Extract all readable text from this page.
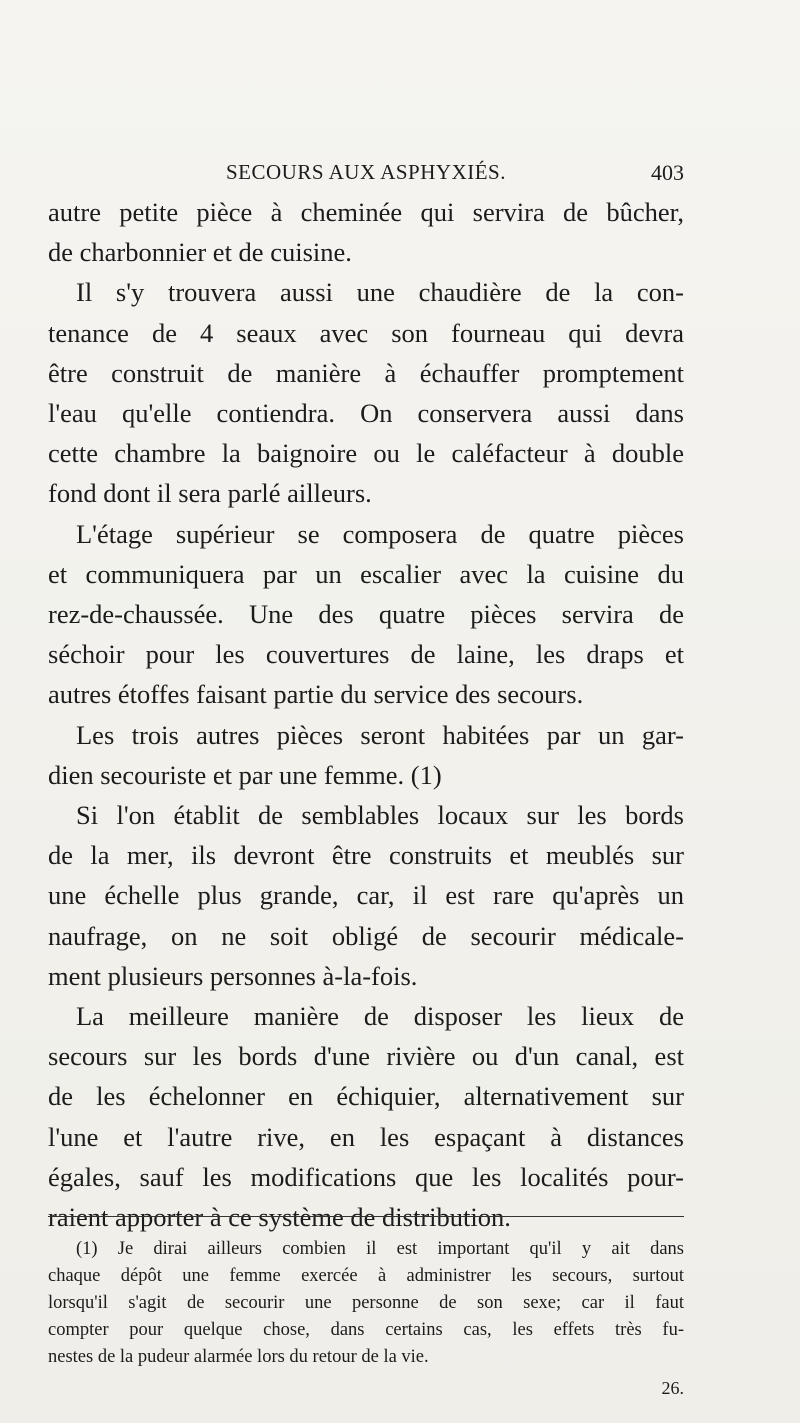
SECOURS AUX ASPHYXIÉS.	403
autre petite pièce à cheminée qui servira de bûcher,
de charbonnier et de cuisine.
Il s'y trouvera aussi une chaudière de la con-
tenance de 4 seaux avec son fourneau qui devra
être construit de manière à échauffer promptement
l'eau qu'elle contiendra. On conservera aussi dans
cette chambre la baignoire ou le caléfacteur à double
fond dont il sera parlé ailleurs.
L'étage supérieur se composera de quatre pièces
et communiquera par un escalier avec la cuisine du
rez-de-chaussée. Une des quatre pièces servira de
séchoir pour les couvertures de laine, les draps et
autres étoffes faisant partie du service des secours.
Les trois autres pièces seront habitées par un gar-
dien secouriste et par une femme. (1)
Si l'on établit de semblables locaux sur les bords
de la mer, ils devront être construits et meublés sur
une échelle plus grande, car, il est rare qu'après un
naufrage, on ne soit obligé de secourir médicale-
ment plusieurs personnes à-la-fois.
La meilleure manière de disposer les lieux de
secours sur les bords d'une rivière ou d'un canal, est
de les échelonner en échiquier, alternativement sur
l'une et l'autre rive, en les espaçant à distances
égales, sauf les modifications que les localités pour-
raient apporter à ce système de distribution.
(1) Je dirai ailleurs combien il est important qu'il y ait dans
chaque dépôt une femme exercée à administrer les secours, surtout
lorsqu'il s'agit de secourir une personne de son sexe; car il faut
compter pour quelque chose, dans certains cas, les effets très fu-
nestes de la pudeur alarmée lors du retour de la vie.
26.
